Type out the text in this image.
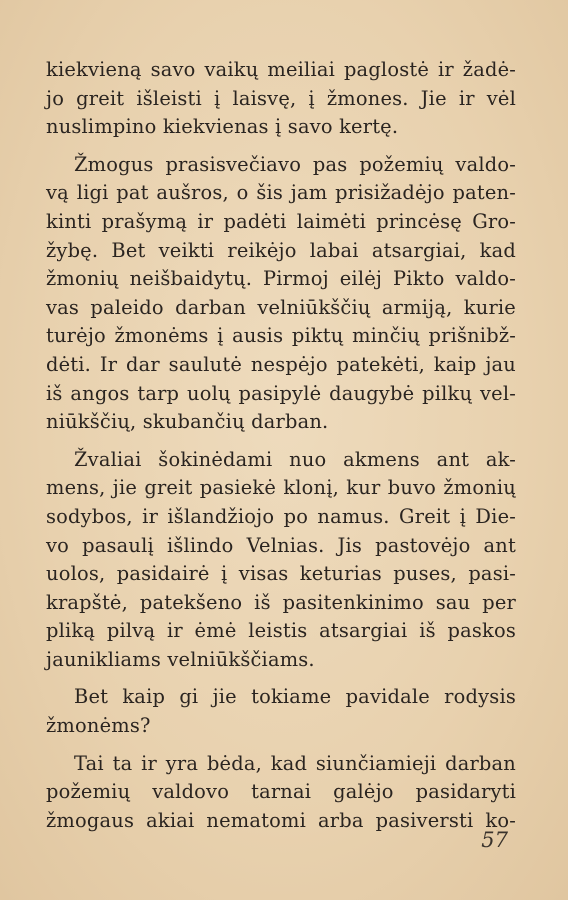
kiekvieną savo vaikų meiliai paglostė ir žadė-
jo greit išleisti į laisvę, į žmones. Jie ir vėl
nuslimpino kiekvienas į savo kertę.

Žmogus prasisvečiavo pas požemių valdo-
vą ligi pat aušros, o šis jam prisižadėjo paten-
kinti prašymą ir padėti laimėti princėsę Gro-
žybę. Bet veikti reikėjo labai atsargiai, kad
žmonių neišbaidytų. Pirmoj eilėj Pikto valdo-
vas paleido darban velniūkščių armiją, kurie
turėjo žmonėms į ausis piktų minčių prišnibž-
dėti. Ir dar saulutė nespėjo patekėti, kaip jau
iš angos tarp uolų pasipylė daugybė pilkų vel-
niūkščių, skubančių darban.

Žvaliai šokinėdami nuo akmens ant ak-
mens, jie greit pasiekė klonį, kur buvo žmonių
sodybos, ir išlandžiojo po namus. Greit į Die-
vo pasaulį išlindo Velnias. Jis pastovėjo ant
uolos, pasidairė į visas keturias puses, pasi-
krapštė, patekšeno iš pasitenkinimo sau per
pliką pilvą ir ėmė leistis atsargiai iš paskos
jaunikliams velniūkščiams.

Bet kaip gi jie tokiame pavidale rodysis
žmonėms?

Tai ta ir yra bėda, kad siunčiamieji darban
požemių valdovo tarnai galėjo pasidaryti
žmogaus akiai nematomi arba pasiversti ko-

57
